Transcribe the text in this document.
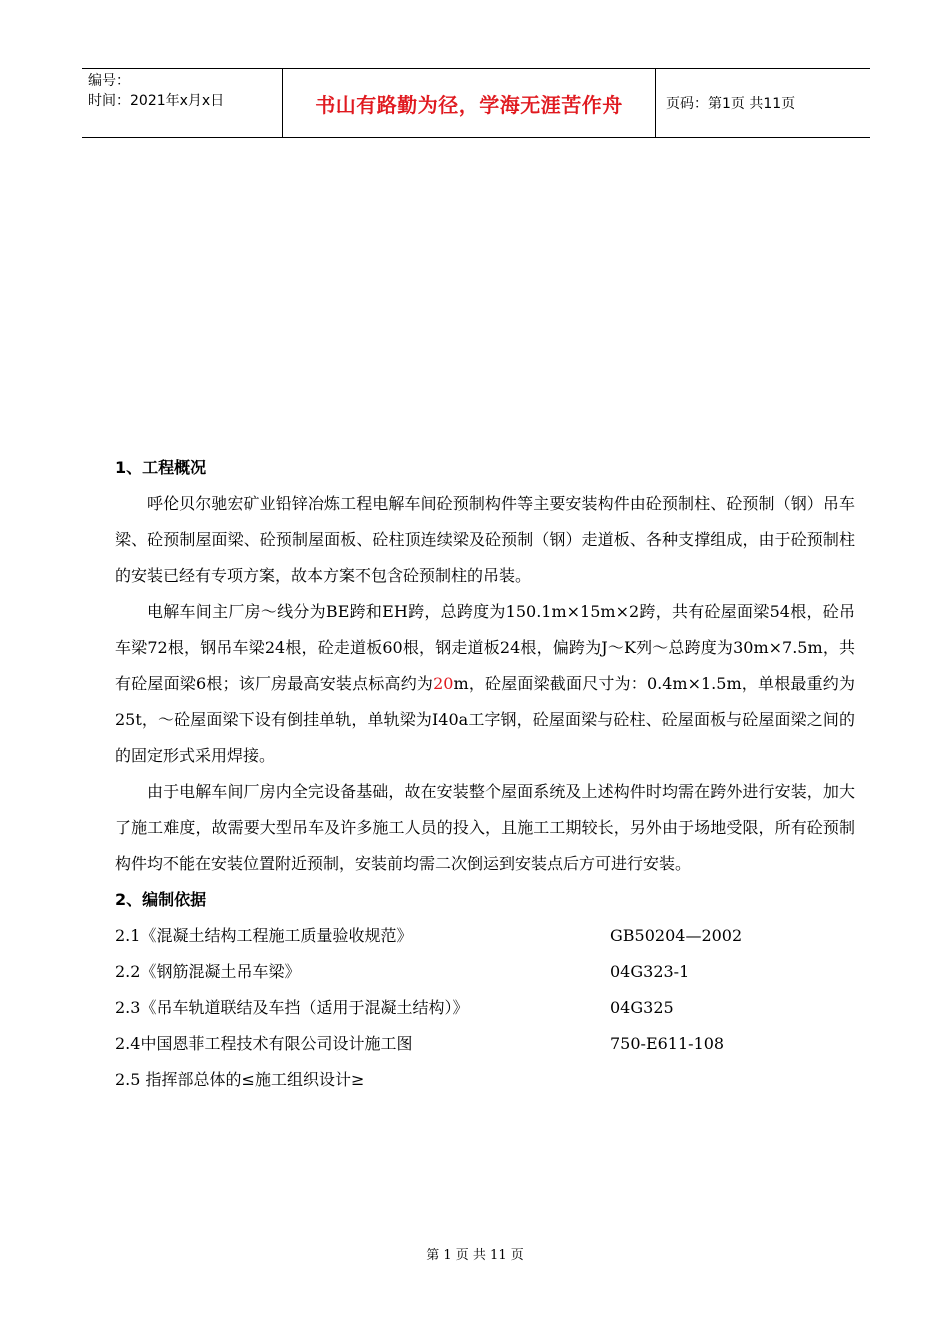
编号：
时间：2021年x月x日	书山有路勤为径，学海无涯苦作舟	页码：第1页 共11页

1、工程概况

呼伦贝尔驰宏矿业铅锌冶炼工程电解车间砼预制构件等主要安装构件由砼预制柱、砼预制（钢）吊车梁、砼预制屋面梁、砼预制屋面板、砼柱顶连续梁及砼预制（钢）走道板、各种支撑组成，由于砼预制柱的安装已经有专项方案，故本方案不包含砼预制柱的吊装。

电解车间主厂房～线分为BE跨和EH跨，总跨度为150.1m×15m×2跨，共有砼屋面梁54根，砼吊车梁72根，钢吊车梁24根，砼走道板60根，钢走道板24根，偏跨为J～K列～总跨度为30m×7.5m，共有砼屋面梁6根；该厂房最高安装点标高约为20m，砼屋面梁截面尺寸为：0.4m×1.5m，单根最重约为25t，～砼屋面梁下设有倒挂单轨，单轨梁为I40a工字钢，砼屋面梁与砼柱、砼屋面板与砼屋面梁之间的的固定形式采用焊接。

由于电解车间厂房内全完设备基础，故在安装整个屋面系统及上述构件时均需在跨外进行安装，加大了施工难度，故需要大型吊车及许多施工人员的投入，且施工工期较长，另外由于场地受限，所有砼预制构件均不能在安装位置附近预制，安装前均需二次倒运到安装点后方可进行安装。

2、编制依据

2.1《混凝土结构工程施工质量验收规范》	GB50204—2002
2.2《钢筋混凝土吊车梁》	04G323-1
2.3《吊车轨道联结及车挡（适用于混凝土结构）》	04G325
2.4中国恩菲工程技术有限公司设计施工图	750-E611-108
2.5 指挥部总体的≤施工组织设计≥
第 1 页 共 11 页
